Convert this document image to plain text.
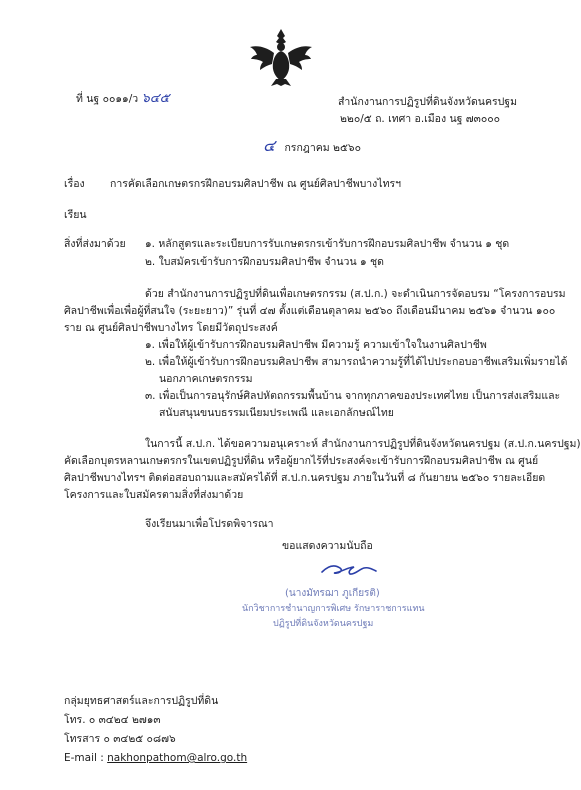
ที่ นฐ ๐๐๑๑/ว ๖๔๕	สำนักงานการปฏิรูปที่ดินจังหวัดนครปฐม
๒๒๐/๕ ถ. เทศา อ.เมือง นฐ ๗๓๐๐๐
๔ กรกฎาคม ๒๕๖๐
เรื่อง การคัดเลือกเกษตรกรฝึกอบรมศิลปาชีพ ณ ศูนย์ศิลปาชีพบางไทรฯ
เรียน
สิ่งที่ส่งมาด้วย ๑. หลักสูตรและระเบียบการรับเกษตรกรเข้ารับการฝึกอบรมศิลปาชีพ จำนวน ๑ ชุด
๒. ใบสมัครเข้ารับการฝึกอบรมศิลปาชีพ จำนวน ๑ ชุด
ด้วย สำนักงานการปฏิรูปที่ดินเพื่อเกษตรกรรม (ส.ป.ก.) จะดำเนินการจัดอบรม “โครงการอบรม
ศิลปาชีพเพื่อเพื่อผู้ที่สนใจ (ระยะยาว)” รุ่นที่ ๔๗ ตั้งแต่เดือนตุลาคม ๒๕๖๐ ถึงเดือนมีนาคม ๒๕๖๑ จำนวน ๑๐๐
ราย ณ ศูนย์ศิลปาชีพบางไทร โดยมีวัตถุประสงค์
๑. เพื่อให้ผู้เข้ารับการฝึกอบรมศิลปาชีพ มีความรู้ ความเข้าใจในงานศิลปาชีพ
๒. เพื่อให้ผู้เข้ารับการฝึกอบรมศิลปาชีพ สามารถนำความรู้ที่ได้ไปประกอบอาชีพเสริมเพิ่มรายได้
นอกภาคเกษตรกรรม
๓. เพื่อเป็นการอนุรักษ์ศิลปหัตถกรรมพื้นบ้าน จากทุกภาคของประเทศไทย เป็นการส่งเสริมและ
สนับสนุนขนบธรรมเนียมประเพณี และเอกลักษณ์ไทย
ในการนี้ ส.ป.ก. ได้ขอความอนุเคราะห์ สำนักงานการปฏิรูปที่ดินจังหวัดนครปฐม (ส.ป.ก.นครปฐม)
คัดเลือกบุตรหลานเกษตรกรในเขตปฏิรูปที่ดิน หรือผู้ยากไร้ที่ประสงค์จะเข้ารับการฝึกอบรมศิลปาชีพ ณ ศูนย์
ศิลปาชีพบางไทรฯ ติดต่อสอบถามและสมัครได้ที่ ส.ป.ก.นครปฐม ภายในวันที่ ๘ กันยายน ๒๕๖๐ รายละเอียด
โครงการและใบสมัครตามสิ่งที่ส่งมาด้วย
จึงเรียนมาเพื่อโปรดพิจารณา
ขอแสดงความนับถือ
(นางมัทรฌา ภูเกียรติ)
นักวิชาการชำนาญการพิเศษ รักษาราชการแทน
ปฏิรูปที่ดินจังหวัดนครปฐม
กลุ่มยุทธศาสตร์และการปฏิรูปที่ดิน
โทร. ๐ ๓๔๒๔ ๒๗๑๓
โทรสาร ๐ ๓๔๒๕ ๐๘๗๖
E-mail : nakhonpathom@alro.go.th
